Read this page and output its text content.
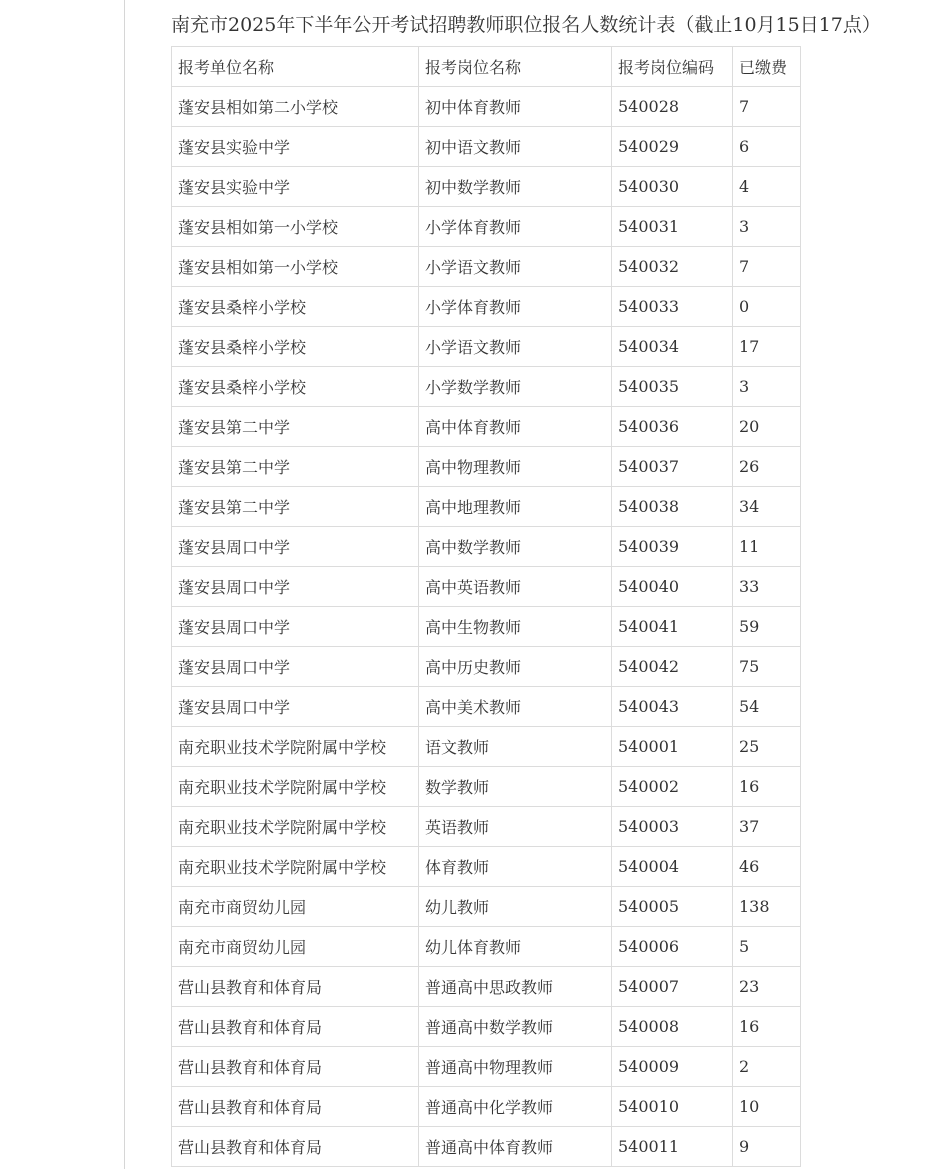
南充市2025年下半年公开考试招聘教师职位报名人数统计表（截止10月15日17点）
报考单位名称	报考岗位名称	报考岗位编码	已缴费
蓬安县相如第二小学校	初中体育教师	540028	7
蓬安县实验中学	初中语文教师	540029	6
蓬安县实验中学	初中数学教师	540030	4
蓬安县相如第一小学校	小学体育教师	540031	3
蓬安县相如第一小学校	小学语文教师	540032	7
蓬安县桑梓小学校	小学体育教师	540033	0
蓬安县桑梓小学校	小学语文教师	540034	17
蓬安县桑梓小学校	小学数学教师	540035	3
蓬安县第二中学	高中体育教师	540036	20
蓬安县第二中学	高中物理教师	540037	26
蓬安县第二中学	高中地理教师	540038	34
蓬安县周口中学	高中数学教师	540039	11
蓬安县周口中学	高中英语教师	540040	33
蓬安县周口中学	高中生物教师	540041	59
蓬安县周口中学	高中历史教师	540042	75
蓬安县周口中学	高中美术教师	540043	54
南充职业技术学院附属中学校	语文教师	540001	25
南充职业技术学院附属中学校	数学教师	540002	16
南充职业技术学院附属中学校	英语教师	540003	37
南充职业技术学院附属中学校	体育教师	540004	46
南充市商贸幼儿园	幼儿教师	540005	138
南充市商贸幼儿园	幼儿体育教师	540006	5
营山县教育和体育局	普通高中思政教师	540007	23
营山县教育和体育局	普通高中数学教师	540008	16
营山县教育和体育局	普通高中物理教师	540009	2
营山县教育和体育局	普通高中化学教师	540010	10
营山县教育和体育局	普通高中体育教师	540011	9
